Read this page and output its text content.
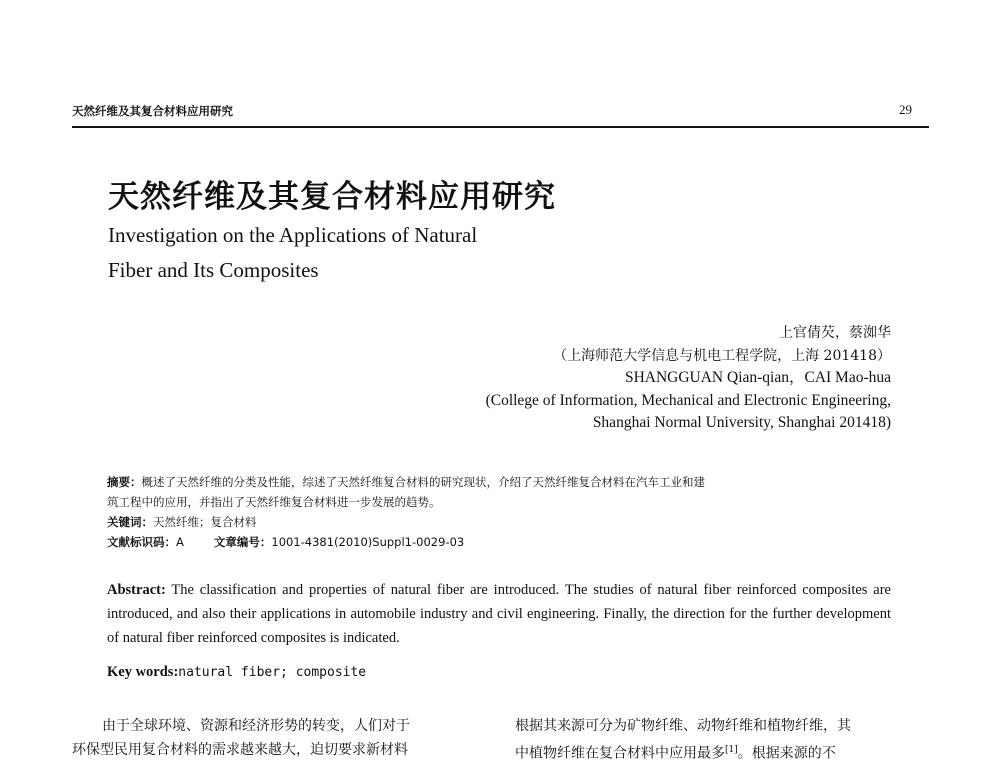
天然纤维及其复合材料应用研究	29
天然纤维及其复合材料应用研究
Investigation on the Applications of Natural
Fiber and Its Composites
上官倩芡，蔡洳华
（上海师范大学信息与机电工程学院，上海 201418）
SHANGGUAN Qian-qian，CAI Mao-hua
(College of Information, Mechanical and Electronic Engineering,
Shanghai Normal University, Shanghai 201418)
摘要：概述了天然纤维的分类及性能，综述了天然纤维复合材料的研究现状，介绍了天然纤维复合材料在汽车工业和建
筑工程中的应用，并指出了天然纤维复合材料进一步发展的趋势。
关键词：天然纤维；复合材料
文献标识码：A	文章编号：1001-4381(2010)Suppl1-0029-03
Abstract: The classification and properties of natural fiber are introduced. The studies of natural fiber reinforced composites are introduced, and also their applications in automobile industry and civil engineering. Finally, the direction for the further development of natural fiber reinforced composites is indicated.
Key words:natural fiber; composite
由于全球环境、资源和经济形势的转变，人们对于
环保型民用复合材料的需求越来越大，迫切要求新材料
根据其来源可分为矿物纤维、动物纤维和植物纤维，其
中植物纤维在复合材料中应用最多[1]。根据来源的不
